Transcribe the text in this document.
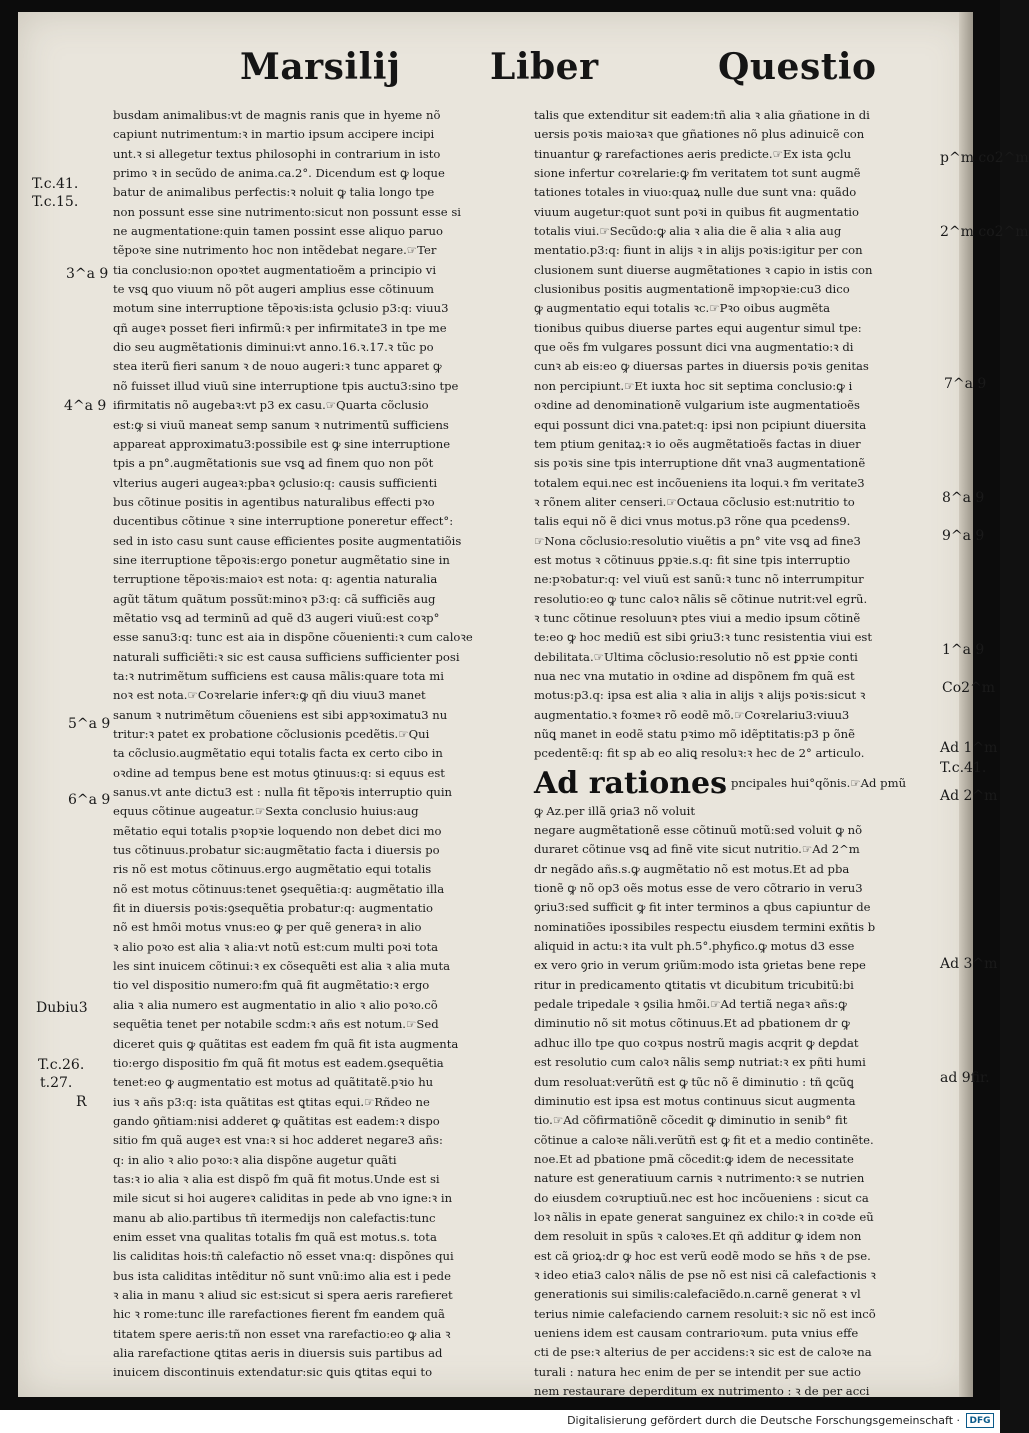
Marsilij Liber	Questio
busdam animalibus:vt de magnis ranis que in hyeme nõ
capiunt nutrimentum:ꝛ in martio ipsum accipere incipi
unt.ꝛ si allegetur textus philosophi in contrarium in isto
primo ꝛ in secũdo de anima.ca.2°. Dicendum est ꝙ loque
batur de animalibus perfectis:ꝛ noluit ꝙ talia longo tpe
non possunt esse sine nutrimento:sicut non possunt esse si
ne augmentatione:quin tamen possint esse aliquo paruo
tẽpoꝛe sine nutrimento hoc non intẽdebat negare.☞Ter
tia conclusio:non opoꝛtet augmentatioẽm a principio vi
te vsꝗ quo viuum nõ põt augeri amplius esse cõtinuum
motum sine interruptione tẽpoꝛis:ista ꝯclusio p3:q: viuu3
qñ augeꝛ posset fieri infirmũ:ꝛ per infirmitate3 in tpe me
dio seu augmẽtationis diminui:vt anno.16.ꝛ.17.ꝛ tũc po
stea iterũ fieri sanum ꝛ de nouo augeri:ꝛ tunc apparet ꝙ
nõ fuisset illud viuũ sine interruptione tpis auctu3:sino tpe
ifirmitatis nõ augebaꝛ:vt p3 ex casu.☞Quarta cõclusio
est:ꝙ si viuũ maneat semp sanum ꝛ nutrimentũ sufficiens
appareat approximatu3:possibile est ꝙ sine interruptione
tpis a pn°.augmẽtationis sue vsꝗ ad finem quo non põt
vlterius augeri augeaꝛ:pbaꝛ ꝯclusio:q: causis sufficienti
bus cõtinue positis in agentibus naturalibus effecti pꝛo
ducentibus cõtinue ꝛ sine interruptione poneretur effect°:
sed in isto casu sunt cause efficientes posite augmentatiõis
sine iterruptione tẽpoꝛis:ergo ponetur augmẽtatio sine in
terruptione tẽpoꝛis:maioꝛ est nota: q: agentia naturalia
agũt tãtum quãtum possũt:minoꝛ p3:q: cã sufficiẽs aug
mẽtatio vsꝗ ad terminũ ad quẽ d3 augeri viuũ:est coꝛp°
esse sanu3:q: tunc est aia in dispõne cõuenienti:ꝛ cum caloꝛe
naturali sufficiẽti:ꝛ sic est causa sufficiens sufficienter posi
ta:ꝛ nutrimẽtum sufficiens est causa mãlis:quare tota mi
noꝛ est nota.☞Coꝛrelarie inferꝛ:ꝙ qñ diu viuu3 manet
sanum ꝛ nutrimẽtum cõueniens est sibi appꝛoximatu3 nu
tritur:ꝛ patet ex probatione cõclusionis pcedẽtis.☞Qui
ta cõclusio.augmẽtatio equi totalis facta ex certo cibo in
oꝛdine ad tempus bene est motus ꝯtinuus:q: si equus est
sanus.vt ante dictu3 est : nulla fit tẽpoꝛis interruptio quin
equus cõtinue augeatur.☞Sexta conclusio huius:aug
mẽtatio equi totalis pꝛopꝛie loquendo non debet dici mo
tus cõtinuus.probatur sic:augmẽtatio facta i diuersis po
ris nõ est motus cõtinuus.ergo augmẽtatio equi totalis
nõ est motus cõtinuus:tenet ꝯsequẽtia:q: augmẽtatio illa
fit in diuersis poꝛis:ꝯsequẽtia probatur:q: augmentatio
nõ est hmõi motus vnus:eo ꝙ per quẽ generaꝛ in alio
ꝛ alio poꝛo est alia ꝛ alia:vt notũ est:cum multi poꝛi tota
les sint inuicem cõtinui:ꝛ ex cõsequẽti est alia ꝛ alia muta
tio vel dispositio numero:fm quã fit augmẽtatio:ꝛ ergo
alia ꝛ alia numero est augmentatio in alio ꝛ alio poꝛo.cõ
sequẽtia tenet per notabile scdm:ꝛ añs est notum.☞Sed
diceret quis ꝙ quãtitas est eadem fm quã fit ista augmenta
tio:ergo dispositio fm quã fit motus est eadem.ꝯsequẽtia
tenet:eo ꝙ augmentatio est motus ad quãtitatẽ.pꝛio hu
ius ꝛ añs p3:q: ista quãtitas est ꝗtitas equi.☞Rñdeo ne
gando ꝯñtiam:nisi adderet ꝙ quãtitas est eadem:ꝛ dispo
sitio fm quã augeꝛ est vna:ꝛ si hoc adderet negare3 añs:
q: in alio ꝛ alio poꝛo:ꝛ alia dispõne augetur quãti
tas:ꝛ io alia ꝛ alia est dispõ fm quã fit motus.Unde est si
mile sicut si hoi augereꝛ caliditas in pede ab vno igne:ꝛ in
manu ab alio.partibus tñ itermedijs non calefactis:tunc
enim esset vna qualitas totalis fm quã est motus.s. tota
lis caliditas hois:tñ calefactio nõ esset vna:q: dispõnes qui
bus ista caliditas intẽditur nõ sunt vnũ:imo alia est i pede
ꝛ alia in manu ꝛ aliud sic est:sicut si spera aeris rarefieret
hic ꝛ rome:tunc ille rarefactiones fierent fm eandem quã
titatem spere aeris:tñ non esset vna rarefactio:eo ꝙ alia ꝛ
alia rarefactione ꝗtitas aeris in diuersis suis partibus ad
inuicem discontinuis extendatur:sic ꝗuis ꝗtitas equi to
talis que extenditur sit eadem:tñ alia ꝛ alia gñatione in di
uersis poꝛis maioꝛaꝛ que gñationes nõ plus adinuicẽ con
tinuantur ꝙ rarefactiones aeris predicte.☞Ex ista ꝯclu
sione infertur coꝛrelarie:ꝙ fm veritatem tot sunt augmẽ
tationes totales in viuo:quaꝝ nulle due sunt vna: quãdo
viuum augetur:quot sunt poꝛi in quibus fit augmentatio
totalis viui.☞Secũdo:ꝙ alia ꝛ alia die ẽ alia ꝛ alia aug
mentatio.p3:q: fiunt in alijs ꝛ in alijs poꝛis:igitur per con
clusionem sunt diuerse augmẽtationes ꝛ capio in istis con
clusionibus positis augmentationẽ impꝛopꝛie:cu3 dico
ꝙ augmentatio equi totalis ꝛc.☞Pꝛo oibus augmẽta
tionibus quibus diuerse partes equi augentur simul tpe:
que oẽs fm vulgares possunt dici vna augmentatio:ꝛ di
cunꝛ ab eis:eo ꝙ diuersas partes in diuersis poꝛis genitas
non percipiunt.☞Et iuxta hoc sit septima conclusio:ꝙ i
oꝛdine ad denominationẽ vulgarium iste augmentatioẽs
equi possunt dici vna.patet:q: ipsi non pcipiunt diuersita
tem ptium genitaꝝ:ꝛ io oẽs augmẽtatioẽs factas in diuer
sis poꝛis sine tpis interruptione dñt vna3 augmentationẽ
totalem equi.nec est incõueniens ita loqui.ꝛ fm veritate3
ꝛ rõnem aliter censeri.☞Octaua cõclusio est:nutritio to
talis equi nõ ẽ dici vnus motus.p3 rõne qua pcedens9.
☞Nona cõclusio:resolutio viuẽtis a pn° vite vsꝗ ad fine3
est motus ꝛ cõtinuus ꝑpꝛie.s.q: fit sine tpis interruptio
ne:pꝛobatur:q: vel viuũ est sanũ:ꝛ tunc nõ interrumpitur
resolutio:eo ꝙ tunc caloꝛ nãlis sẽ cõtinue nutrit:vel egrũ.
ꝛ tunc cõtinue resoluunꝛ ptes viui a medio ipsum cõtinẽ
te:eo ꝙ hoc mediũ est sibi ꝯriu3:ꝛ tunc resistentia viui est
debilitata.☞Ultima cõclusio:resolutio nõ est ꝑpꝛie conti
nua nec vna mutatio in oꝛdine ad dispõnem fm quã est
motus:p3.q: ipsa est alia ꝛ alia in alijs ꝛ alijs poꝛis:sicut ꝛ
augmentatio.ꝛ foꝛmeꝛ rõ eodẽ mõ.☞Coꝛrelariu3:viuu3
nũꝗ manet in eodẽ statu pꝛimo mõ idẽptitatis:p3 p õnẽ
pcedentẽ:q: fit sp ab eo aliꝗ resoluꝛ:ꝛ hec de 2° articulo.
Ad rationes pncipales hui°qõnis.☞Ad pmũ
ꝙ Az.per illã ꝯria3 nõ voluit
negare augmẽtationẽ esse cõtinuũ motũ:sed voluit ꝙ nõ
duraret cõtinue vsꝗ ad finẽ vite sicut nutritio.☞Ad 2^m
dr negãdo añs.s.ꝙ augmẽtatio nõ est motus.Et ad pba
tionẽ ꝙ nõ op3 oẽs motus esse de vero cõtrario in veru3
ꝯriu3:sed sufficit ꝙ fit inter terminos a qbus capiuntur de
nominatiões ipossibiles respectu eiusdem termini exñtis b
aliquid in actu:ꝛ ita vult ph.5°.phyfico.ꝙ motus d3 esse
ex vero ꝯrio in verum ꝯriũm:modo ista ꝯrietas bene repe
ritur in predicamento ꝗtitatis vt dicubitum tricubitũ:bi
pedale tripedale ꝛ ꝯsilia hmõi.☞Ad tertiã negaꝛ añs:ꝙ
diminutio nõ sit motus cõtinuus.Et ad pbationem dr ꝙ
adhuc illo tpe quo coꝛpus nostrũ magis acqrit ꝙ deꝑdat
est resolutio cum caloꝛ nãlis semꝑ nutriat:ꝛ ex pñti humi
dum resoluat:verũtñ est ꝙ tũc nõ ẽ diminutio : tñ ꝗcũꝗ
diminutio est ipsa est motus continuus sicut augmenta
tio.☞Ad cõfirmatiõnẽ cõcedit ꝙ diminutio in senib° fit
cõtinue a caloꝛe nãli.verũtñ est ꝙ fit et a medio continẽte.
noe.Et ad pbatione pmã cõcedit:ꝙ idem de necessitate
nature est generatiuum carnis ꝛ nutrimento:ꝛ se nutrien
do eiusdem coꝛruptiuũ.nec est hoc incõueniens : sicut ca
loꝛ nãlis in epate generat sanguinez ex chilo:ꝛ in coꝛde eũ
dem resoluit in spũs ꝛ caloꝛes.Et qñ additur ꝙ idem non
est cã ꝯrioꝝ:dr ꝙ hoc est verũ eodẽ modo se hñs ꝛ de pse.
ꝛ ideo etia3 caloꝛ nãlis de pse nõ est nisi cã calefactionis ꝛ
generationis sui similis:calefaciẽdo.n.carnẽ generat ꝛ vl
terius nimie calefaciendo carnem resoluit:ꝛ sic nõ est incõ
ueniens idem est causam contrarioꝛum. puta vnius effe
cti de pse:ꝛ alterius de per accidens:ꝛ sic est de caloꝛe na
turali : natura hec enim de per se intendit per sue actio
nem restaurare deperditum ex nutrimento : ꝛ de per acci
T.c.41.
T.c.15.
3^a 9
4^a 9
5^a 9
6^a 9
Dubiu3
T.c.26.
t.27.
R
p^m co2^m
2^m co2^m
7^a 9
8^a 9
9^a 9
1^a 9
Co2^m
Ad 1^m
T.c.41.
Ad 2^m
Ad 3^m
ad 9fir.
Digitalisierung gefördert durch die Deutsche Forschungsgemeinschaft ·	DFG
